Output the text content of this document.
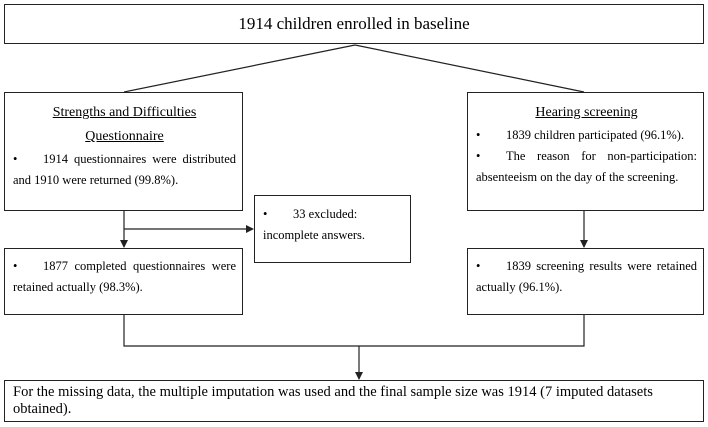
1914 children enrolled in baseline
Strengths and Difficulties
Questionnaire
• 1914 questionnaires were distributed and 1910 were returned (99.8%).
Hearing screening
• 1839 children participated (96.1%).
• The reason for non-participation: absenteeism on the day of the screening.
• 33 excluded: incomplete answers.
• 1877 completed questionnaires were retained actually (98.3%).
• 1839 screening results were retained actually (96.1%).
For the missing data, the multiple imputation was used and the final sample size was 1914 (7 imputed datasets obtained).
